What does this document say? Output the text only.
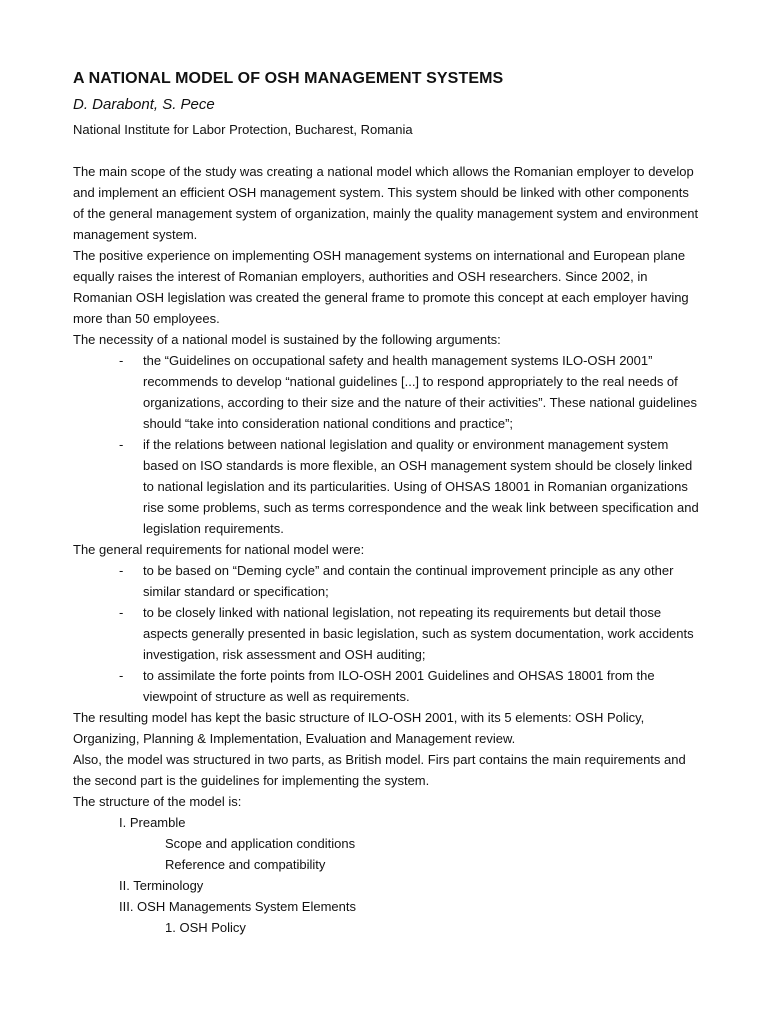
A NATIONAL MODEL OF OSH MANAGEMENT SYSTEMS
D. Darabont, S. Pece
National Institute for Labor Protection, Bucharest, Romania

The main scope of the study was creating a national model which allows the Romanian employer to develop and implement an efficient OSH management system. This system should be linked with other components of the general management system of organization, mainly the quality management system and environment management system.

The positive experience on implementing OSH management systems on international and European plane equally raises the interest of Romanian employers, authorities and OSH researchers. Since 2002, in Romanian OSH legislation was created the general frame to promote this concept at each employer having more than 50 employees.

The necessity of a national model is sustained by the following arguments:

- the “Guidelines on occupational safety and health management systems ILO-OSH 2001” recommends to develop “national guidelines [...] to respond appropriately to the real needs of organizations, according to their size and the nature of their activities”. These national guidelines should “take into consideration national conditions and practice”;
- if the relations between national legislation and quality or environment management system based on ISO standards is more flexible, an OSH management system should be closely linked to national legislation and its particularities. Using of OHSAS 18001 in Romanian organizations rise some problems, such as terms correspondence and the weak link between specification and legislation requirements.

The general requirements for national model were:

- to be based on “Deming cycle” and contain the continual improvement principle as any other similar standard or specification;
- to be closely linked with national legislation, not repeating its requirements but detail those aspects generally presented in basic legislation, such as system documentation, work accidents investigation, risk assessment and OSH auditing;
- to assimilate the forte points from ILO-OSH 2001 Guidelines and OHSAS 18001 from the viewpoint of structure as well as requirements.

The resulting model has kept the basic structure of ILO-OSH 2001, with its 5 elements: OSH Policy, Organizing, Planning & Implementation, Evaluation and Management review.

Also, the model was structured in two parts, as British model. Firs part contains the main requirements and the second part is the guidelines for implementing the system.

The structure of the model is:

I. Preamble
Scope and application conditions
Reference and compatibility
II. Terminology
III. OSH Managements System Elements
1. OSH Policy
